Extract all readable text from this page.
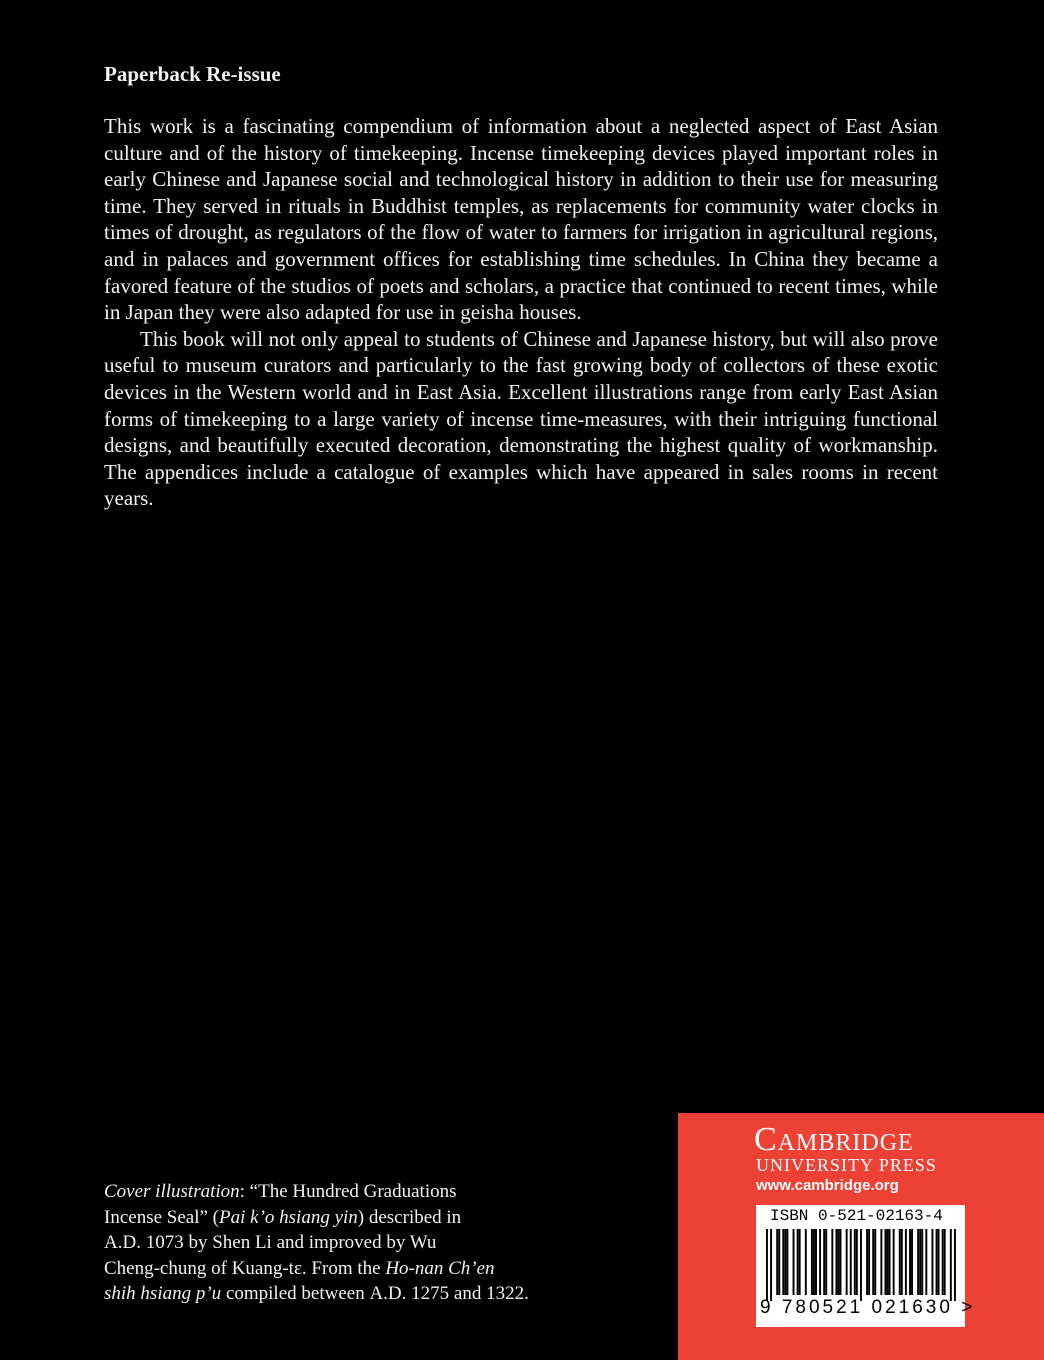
Paperback Re-issue

This work is a fascinating compendium of information about a neglected aspect of East Asian culture and of the history of timekeeping. Incense timekeeping devices played important roles in early Chinese and Japanese social and technological history in addition to their use for measuring time. They served in rituals in Buddhist temples, as replacements for community water clocks in times of drought, as regulators of the flow of water to farmers for irrigation in agricultural regions, and in palaces and government offices for establishing time schedules. In China they became a favored feature of the studios of poets and scholars, a practice that continued to recent times, while in Japan they were also adapted for use in geisha houses.

This book will not only appeal to students of Chinese and Japanese history, but will also prove useful to museum curators and particularly to the fast growing body of collectors of these exotic devices in the Western world and in East Asia. Excellent illustrations range from early East Asian forms of timekeeping to a large variety of incense time-measures, with their intriguing functional designs, and beautifully executed decoration, demonstrating the highest quality of workmanship. The appendices include a catalogue of examples which have appeared in sales rooms in recent years.

Cover illustration: “The Hundred Graduations
Incense Seal” (Pai k’o hsiang yin) described in
A.D. 1073 by Shen Li and improved by Wu
Cheng-chung of Kuang-tɛ. From the Ho-nan Ch’en
shih hsiang p’u compiled between A.D. 1275 and 1322.
Cambridge
UNIVERSITY PRESS
www.cambridge.org
ISBN 0-521-02163-4
9 780521 021630 >
